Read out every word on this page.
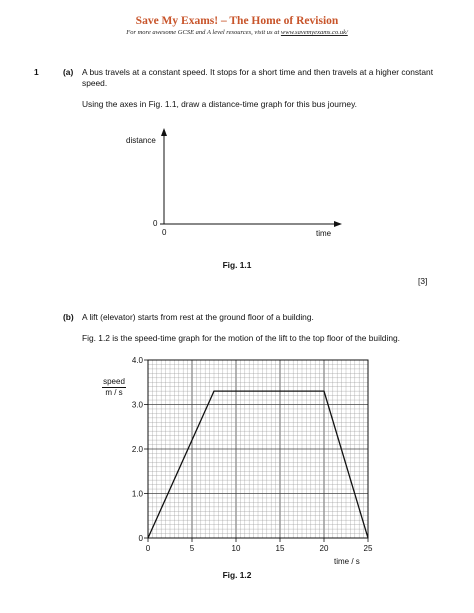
Save My Exams! – The Home of Revision
For more awesome GCSE and A level resources, visit us at www.savemyexams.co.uk/
1	(a) A bus travels at a constant speed. It stops for a short time and then travels at a higher constant
speed.
Using the axes in Fig. 1.1, draw a distance-time graph for this bus journey.
distance
0
0	time
Fig. 1.1
[3]
(b) A lift (elevator) starts from rest at the ground floor of a building.
Fig. 1.2 is the speed-time graph for the motion of the lift to the top floor of the building.
0	5	10	15	20	25
0
1.0
2.0
3.0
4.0
speed
m / s
time / s
Fig. 1.2
